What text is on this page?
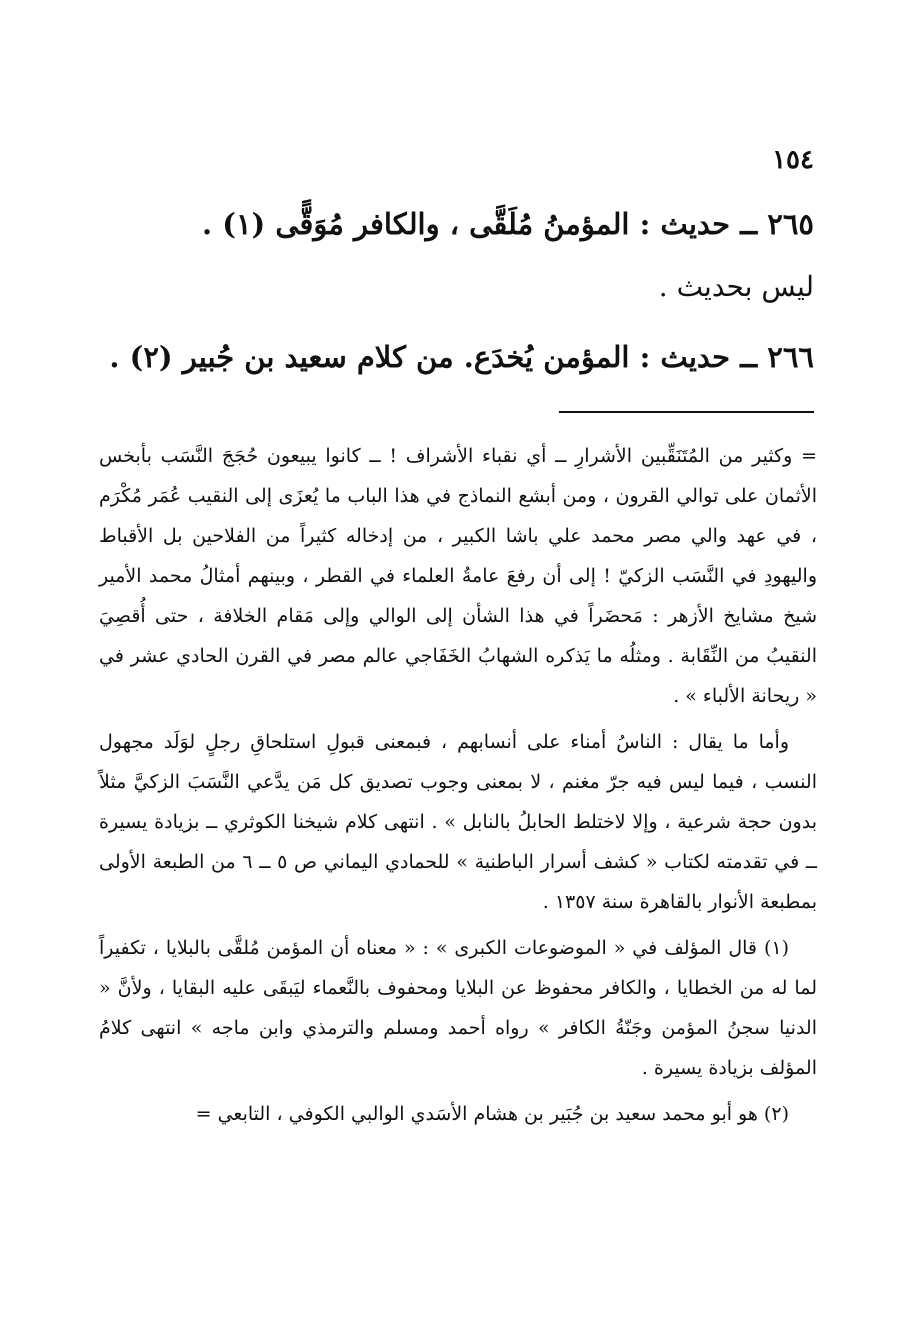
١٥٤
٢٦٥ ــ حديث : المؤمنُ مُلَقَّى ، والكافر مُوَقًّى (١) .
ليس بحديث .
٢٦٦ ــ حديث : المؤمن يُخدَع. من كلام سعيد بن جُبير (٢) .

= وكثير من المُتَنَقِّبين الأشرارِ ــ أي نقباء الأشراف ! ــ كانوا يبيعون حُجَجَ النَّسَب بأبخس الأثمان على توالي القرون ، ومن أبشع النماذج في هذا الباب ما يُعزَى إلى النقيب عُمَر مُكْرَم ، في عهد والي مصر محمد علي باشا الكبير ، من إدخاله كثيراً من الفلاحين بل الأقباط واليهودِ في النَّسَب الزكيّ ! إلى أن رفعَ عامةُ العلماء في القطر ، وبينهم أمثالُ محمد الأمير شيخ مشايخ الأزهر : مَحضَراً في هذا الشأن إلى الوالي وإلى مَقام الخلافة ، حتى أُقصِيَ النقيبُ من النِّقَابة . ومثلُه ما يَذكره الشهابُ الخَفَاجي عالم مصر في القرن الحادي عشر في « ريحانة الألباء » .

وأما ما يقال : الناسُ أمناء على أنسابهم ، فبمعنى قبولِ استلحاقِ رجلٍ لوَلَد مجهول النسب ، فيما ليس فيه جرّ مغنم ، لا بمعنى وجوب تصديق كل مَن يدَّعي النَّسَبَ الزكيَّ مثلاً بدون حجة شرعية ، وإلا لاختلط الحابلُ بالنابل » . انتهى كلام شيخنا الكوثري ــ بزيادة يسيرة ــ في تقدمته لكتاب « كشف أسرار الباطنية » للحمادي اليماني ص ٥ ــ ٦ من الطبعة الأولى بمطبعة الأنوار بالقاهرة سنة ١٣٥٧ .

(١) قال المؤلف في « الموضوعات الكبرى » : « معناه أن المؤمن مُلقَّى بالبلايا ، تكفيراً لما له من الخطايا ، والكافر محفوظ عن البلايا ومحفوف بالنَّعماء ليَبقَى عليه البقايا ، ولأنَّ « الدنيا سجنُ المؤمن وجَنّةُ الكافر » رواه أحمد ومسلم والترمذي وابن ماجه » انتهى كلامُ المؤلف بزيادة يسيرة .

(٢) هو أبو محمد سعيد بن جُبَير بن هشام الأسَدي الوالبي الكوفي ، التابعي =
